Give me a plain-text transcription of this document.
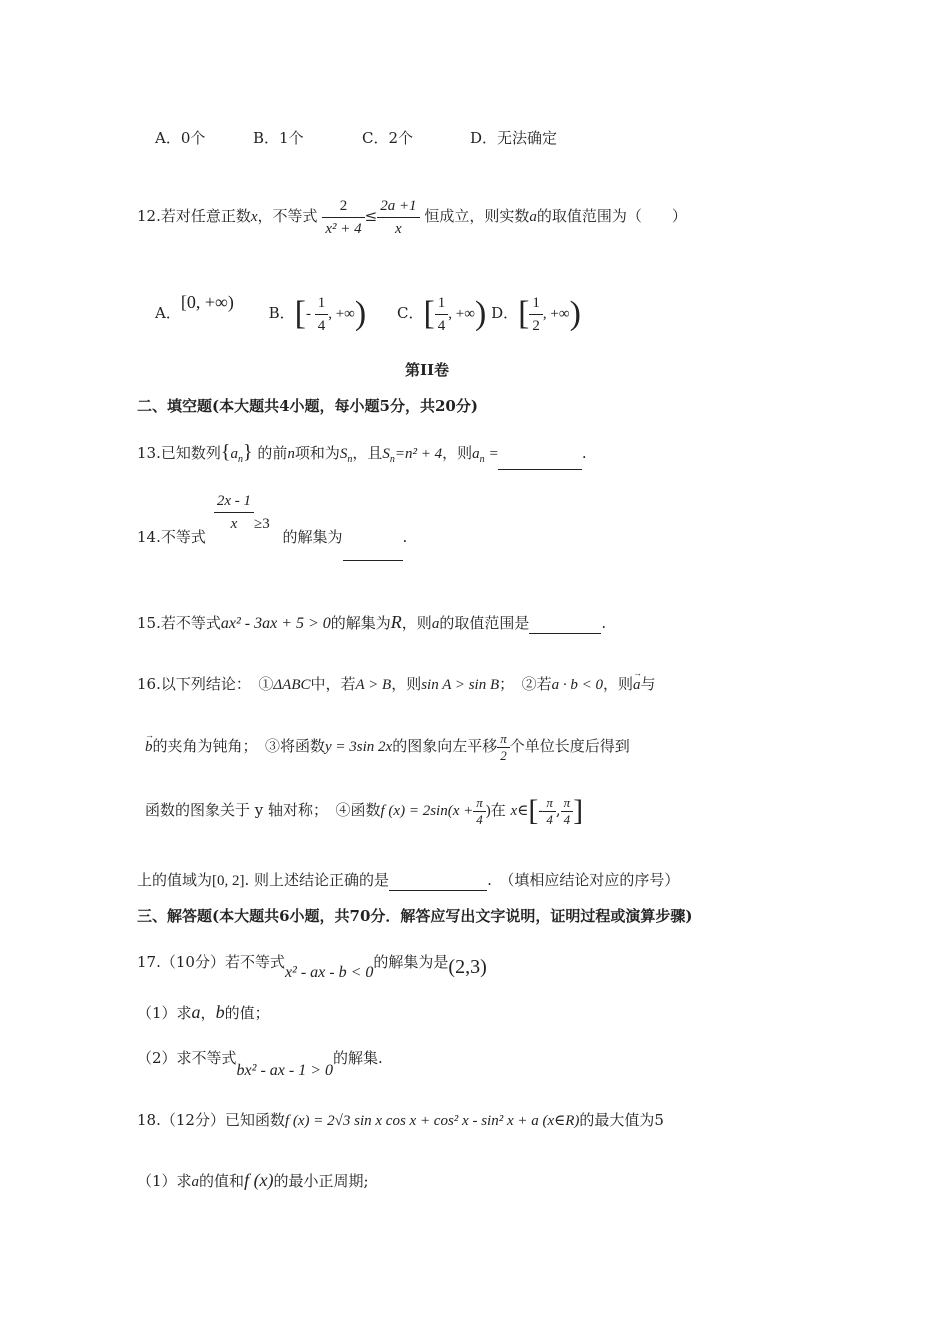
A．0个	B．1个	C．2个	D．无法确定
12.若对任意正数x，不等式 $\frac{2}{\text{x² + 4}} \le \frac{2a +1}{x}$ 恒成立，则实数a的取值范围为（　　）
A．[0, +∞) B．[- $\frac{1}{4}$ , +∞) C．[ $\frac{1}{4}$ , +∞) D．[ $\frac{1}{2}$ , +∞)
第II卷
二、填空题(本大题共4小题，每小题5分，共20分)
13.已知数列$\{a_n\}$ 的前n项和为$S_n$，且$S_n=n^2 + 4$，则$a_n$ =	.
14.不等式
$\frac{2x - 1}{x} \ge 3$ 的解集为	.
15.若不等式ax² - 3ax + 5 > 0的解集为R，则a的取值范围是	.
16.以下列结论：　①ΔABC中，若A > B，则sin A > sin B；　②若a · b < 0，则→ a与
→ b的夹角为钝角；　③将函数y = 3sin 2x的图象向左平移 $\frac{\pi}{2}$ 个单位长度后得到
函数的图象关于 y 轴对称；　④函数f $(x) = 2\sin(x + \frac{\pi}{4}$ )在 x∈[- $\frac{\pi}{4}$ , $\frac{\pi}{4}$ ]
上的值域为[0, 2]. 则上述结论正确的是	.　（填相应结论对应的序号）
三、解答题(本大题共6小题，共70分．解答应写出文字说明，证明过程或演算步骤)
17.（10分）若不等式x² - ax - b < 0的解集为是(2,3)
（1）求a，b的值；
（2）求不等式bx² - ax - 1 > 0的解集.
18.（12分）已知函数f (x) = 2√3 sin x cos x + cos² x - sin² x + a (x∈R)的最大值为5
（1）求a的值和f (x)的最小正周期;
